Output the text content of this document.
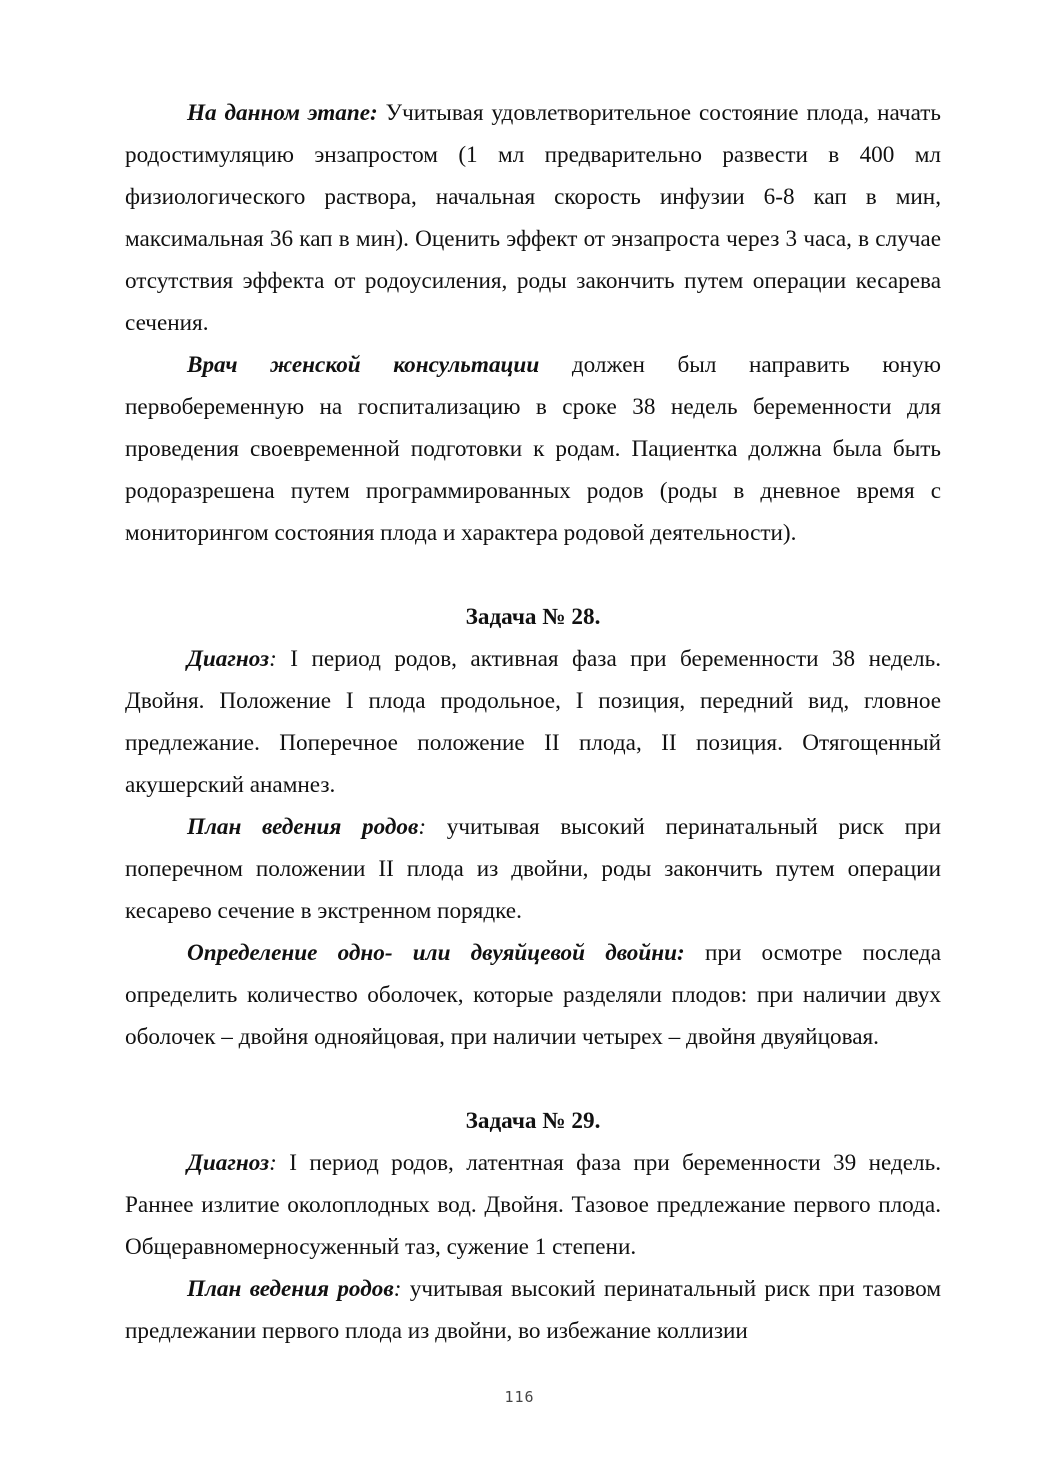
На данном этапе: Учитывая удовлетворительное состояние плода, начать родостимуляцию энзапростом (1 мл предварительно развести в 400 мл физиологического раствора, начальная скорость инфузии 6-8 кап в мин, максимальная 36 кап в мин). Оценить эффект от энзапроста через 3 часа, в случае отсутствия эффекта от родоусиления, роды закончить путем операции кесарева сечения.

Врач женской консультации должен был направить юную первобеременную на госпитализацию в сроке 38 недель беременности для проведения своевременной подготовки к родам. Пациентка должна была быть родоразрешена путем программированных родов (роды в дневное время с мониторингом состояния плода и характера родовой деятельности).

Задача № 28.

Диагноз: I период родов, активная фаза при беременности 38 недель. Двойня. Положение I плода продольное, I позиция, передний вид, гловное предлежание. Поперечное положение II плода, II позиция. Отягощенный акушерский анамнез.

План ведения родов: учитывая высокий перинатальный риск при поперечном положении II плода из двойни, роды закончить путем операции кесарево сечение в экстренном порядке.

Определение одно- или двуяйцевой двойни: при осмотре последа определить количество оболочек, которые разделяли плодов: при наличии двух оболочек – двойня однояйцовая, при наличии четырех – двойня двуяйцовая.

Задача № 29.

Диагноз: I период родов, латентная фаза при беременности 39 недель. Раннее излитие околоплодных вод. Двойня. Тазовое предлежание первого плода. Общеравномерносуженный таз, сужение 1 степени.

План ведения родов: учитывая высокий перинатальный риск при тазовом предлежании первого плода из двойни, во избежание коллизии

116
